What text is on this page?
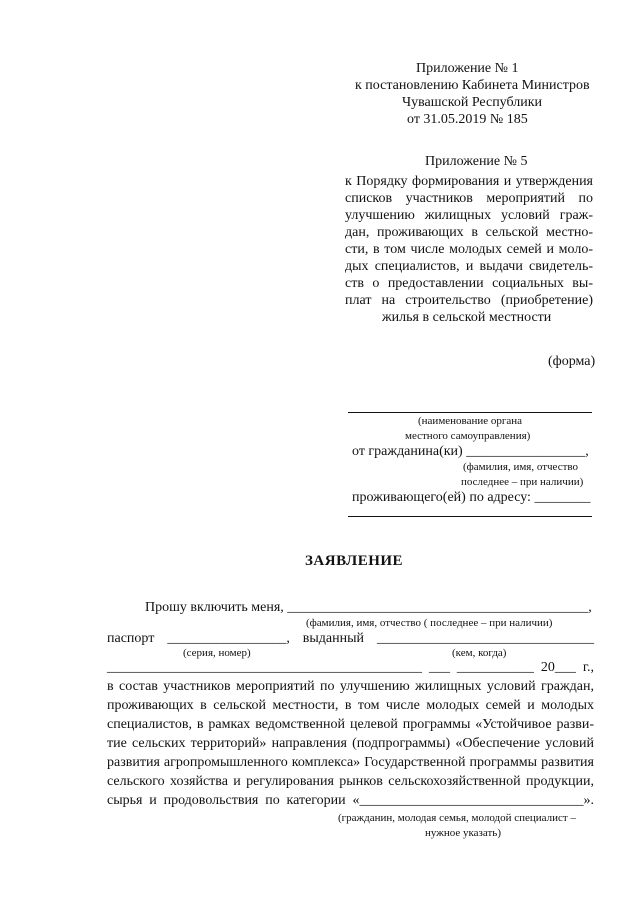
Приложение № 1
к постановлению Кабинета Министров
Чувашской Республики
от 31.05.2019 № 185
Приложение № 5
к Порядку формирования и утверждения
списков участников мероприятий по
улучшению жилищных условий граж-
дан, проживающих в сельской местно-
сти, в том числе молодых семей и моло-
дых специалистов, и выдачи свидетель-
ств о предоставлении социальных вы-
плат на строительство (приобретение)
жилья в сельской местности
(форма)
(наименование органа
местного самоуправления)
от гражданина(ки) _________________,
(фамилия, имя, отчество
последнее – при наличии)
проживающего(ей) по адресу: ________
ЗАЯВЛЕНИЕ
Прошу включить меня, ___________________________________________,
(фамилия, имя, отчество ( последнее – при наличии)
паспорт _________________, выданный _______________________________
(серия, номер)	(кем, когда)
_____________________________________________ ___ ___________ 20___ г.,
в состав участников мероприятий по улучшению жилищных условий граждан,
проживающих в сельской местности, в том числе молодых семей и молодых
специалистов, в рамках ведомственной целевой программы «Устойчивое разви-
тие сельских территорий» направления (подпрограммы) «Обеспечение условий
развития агропромышленного комплекса» Государственной программы развития
сельского хозяйства и регулирования рынков сельскохозяйственной продукции,
сырья и продовольствия по категории «________________________________».
(гражданин, молодая семья, молодой специалист –
нужное указать)
